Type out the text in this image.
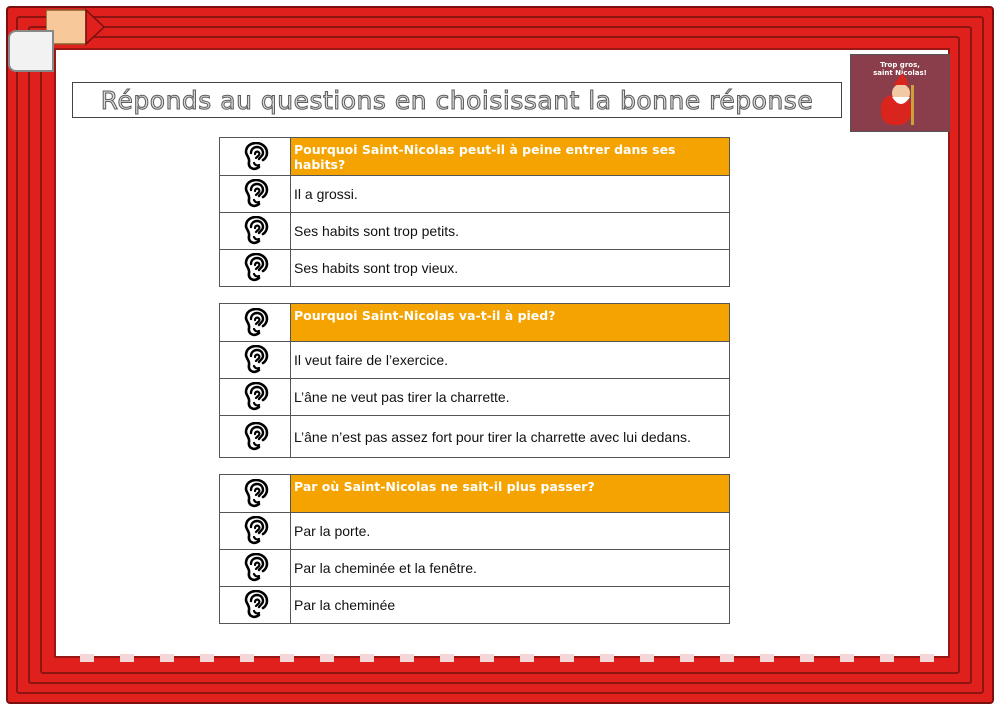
Réponds au questions en choisissant la bonne réponse
Trop gros,
saint Nicolas!
	Pourquoi Saint-Nicolas peut-il à peine entrer dans ses habits?
	Il a grossi.
	Ses habits sont trop petits.
	Ses habits sont trop vieux.
	Pourquoi Saint-Nicolas va-t-il à pied?
	Il veut faire de l’exercice.
	L’âne ne veut pas tirer la charrette.
	L’âne n’est pas assez fort pour tirer la charrette avec lui dedans.
	Par où Saint-Nicolas ne sait-il plus passer?
	Par la porte.
	Par la cheminée et la fenêtre.
	Par la cheminée
